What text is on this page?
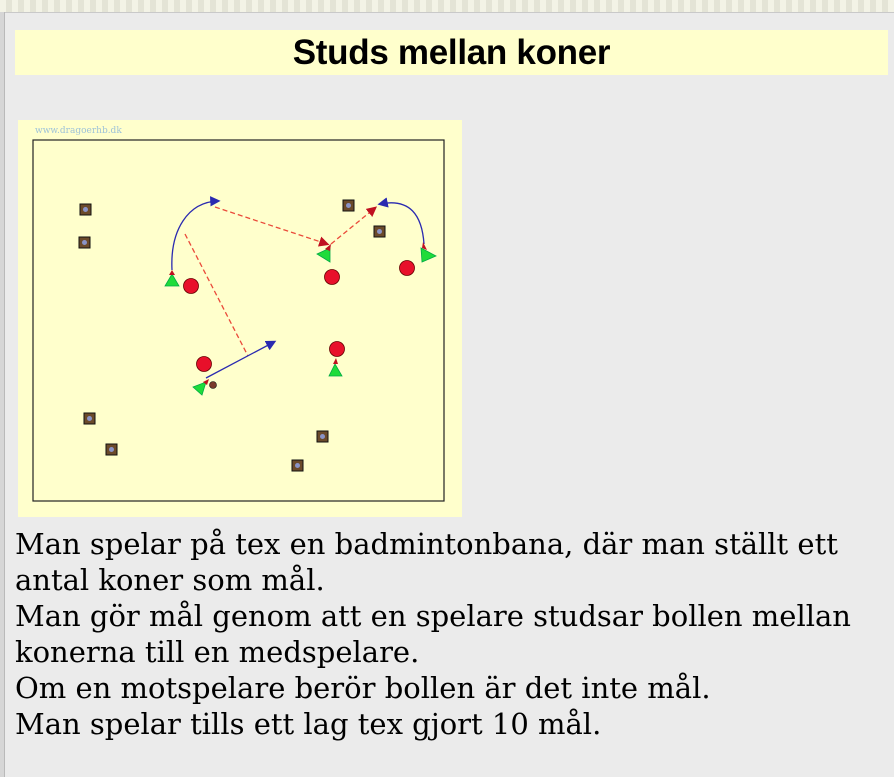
Studs mellan koner
www.dragoerhb.dk

Man spelar på tex en badmintonbana, där man ställt ett antal koner som mål.

Man gör mål genom att en spelare studsar bollen mellan konerna till en medspelare.

Om en motspelare berör bollen är det inte mål.

Man spelar tills ett lag tex gjort 10 mål.
